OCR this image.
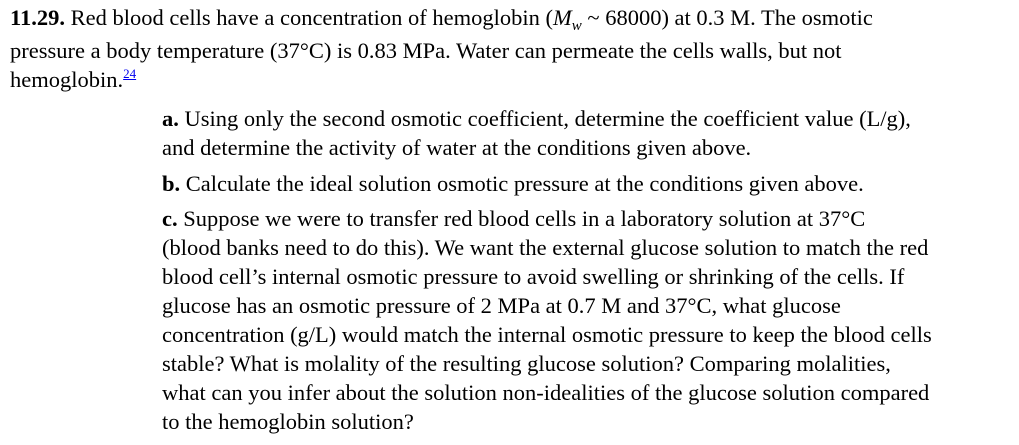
11.29. Red blood cells have a concentration of hemoglobin ($M_w$ ~ 68000) at 0.3 M. The osmotic
pressure a body temperature (37°C) is 0.83 MPa. Water can permeate the cells walls, but not
hemoglobin.$^{24}$
a. Using only the second osmotic coefficient, determine the coefficient value (L/g),
and determine the activity of water at the conditions given above.
b. Calculate the ideal solution osmotic pressure at the conditions given above.
c. Suppose we were to transfer red blood cells in a laboratory solution at 37°C
(blood banks need to do this). We want the external glucose solution to match the red
blood cell’s internal osmotic pressure to avoid swelling or shrinking of the cells. If
glucose has an osmotic pressure of 2 MPa at 0.7 M and 37°C, what glucose
concentration (g/L) would match the internal osmotic pressure to keep the blood cells
stable? What is molality of the resulting glucose solution? Comparing molalities,
what can you infer about the solution non-idealities of the glucose solution compared
to the hemoglobin solution?
